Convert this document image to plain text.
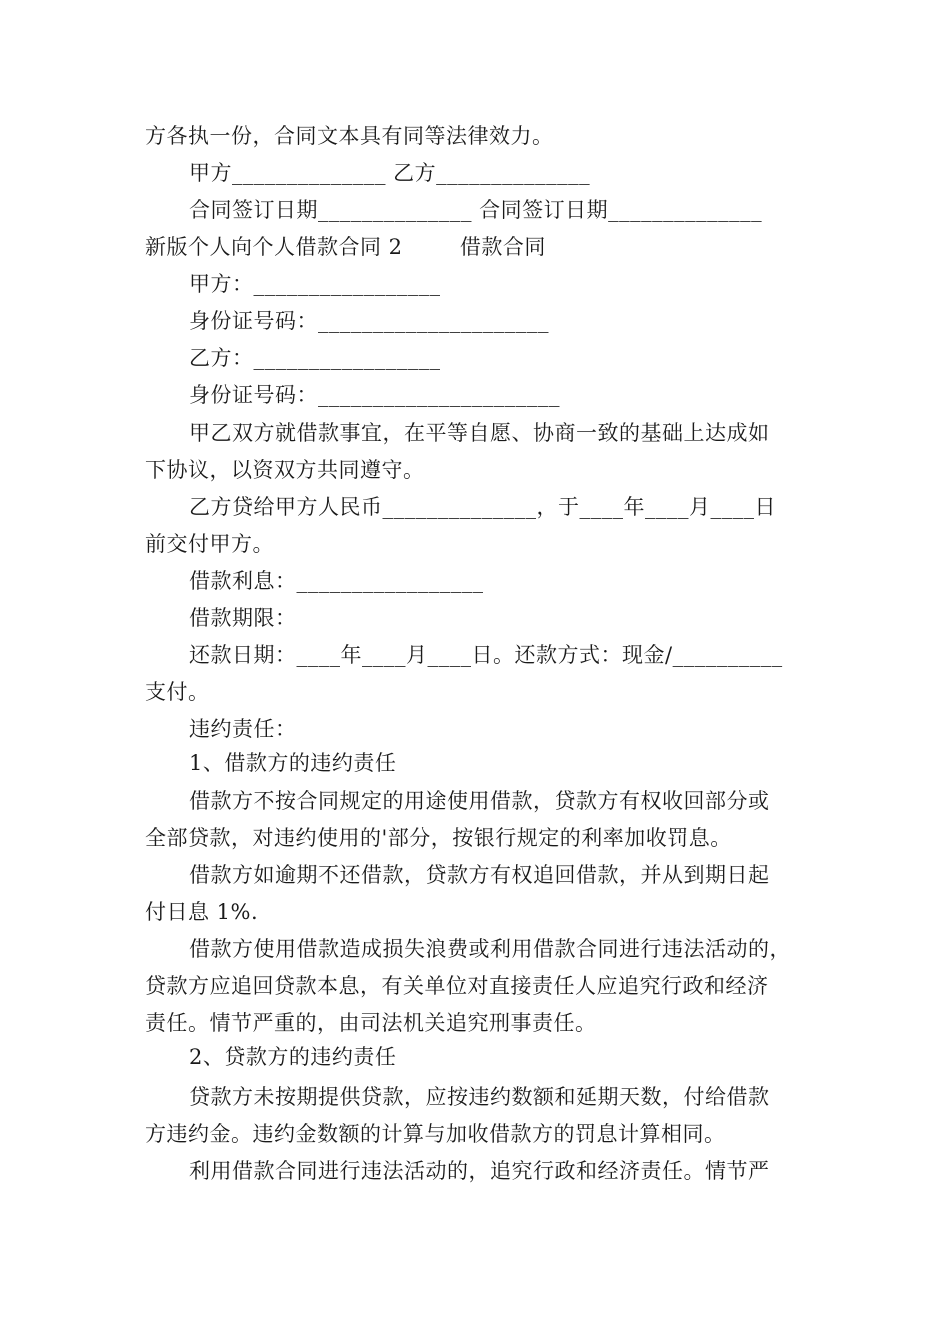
方各执一份，合同文本具有同等法律效力。
甲方______________ 乙方______________
合同签订日期______________ 合同签订日期______________
新版个人向个人借款合同 2        借款合同
甲方：_________________
身份证号码：_____________________
乙方：_________________
身份证号码：______________________
甲乙双方就借款事宜，在平等自愿、协商一致的基础上达成如
下协议，以资双方共同遵守。
乙方贷给甲方人民币______________，于____年____月____日
前交付甲方。
借款利息：_________________
借款期限：
还款日期：____年____月____日。还款方式：现金/__________
支付。
违约责任：
1、借款方的违约责任
借款方不按合同规定的用途使用借款，贷款方有权收回部分或
全部贷款，对违约使用的'部分，按银行规定的利率加收罚息。
借款方如逾期不还借款，贷款方有权追回借款，并从到期日起
付日息 1%.
借款方使用借款造成损失浪费或利用借款合同进行违法活动的，
贷款方应追回贷款本息，有关单位对直接责任人应追究行政和经济
责任。情节严重的，由司法机关追究刑事责任。
2、贷款方的违约责任
贷款方未按期提供贷款，应按违约数额和延期天数，付给借款
方违约金。违约金数额的计算与加收借款方的罚息计算相同。
利用借款合同进行违法活动的，追究行政和经济责任。情节严
